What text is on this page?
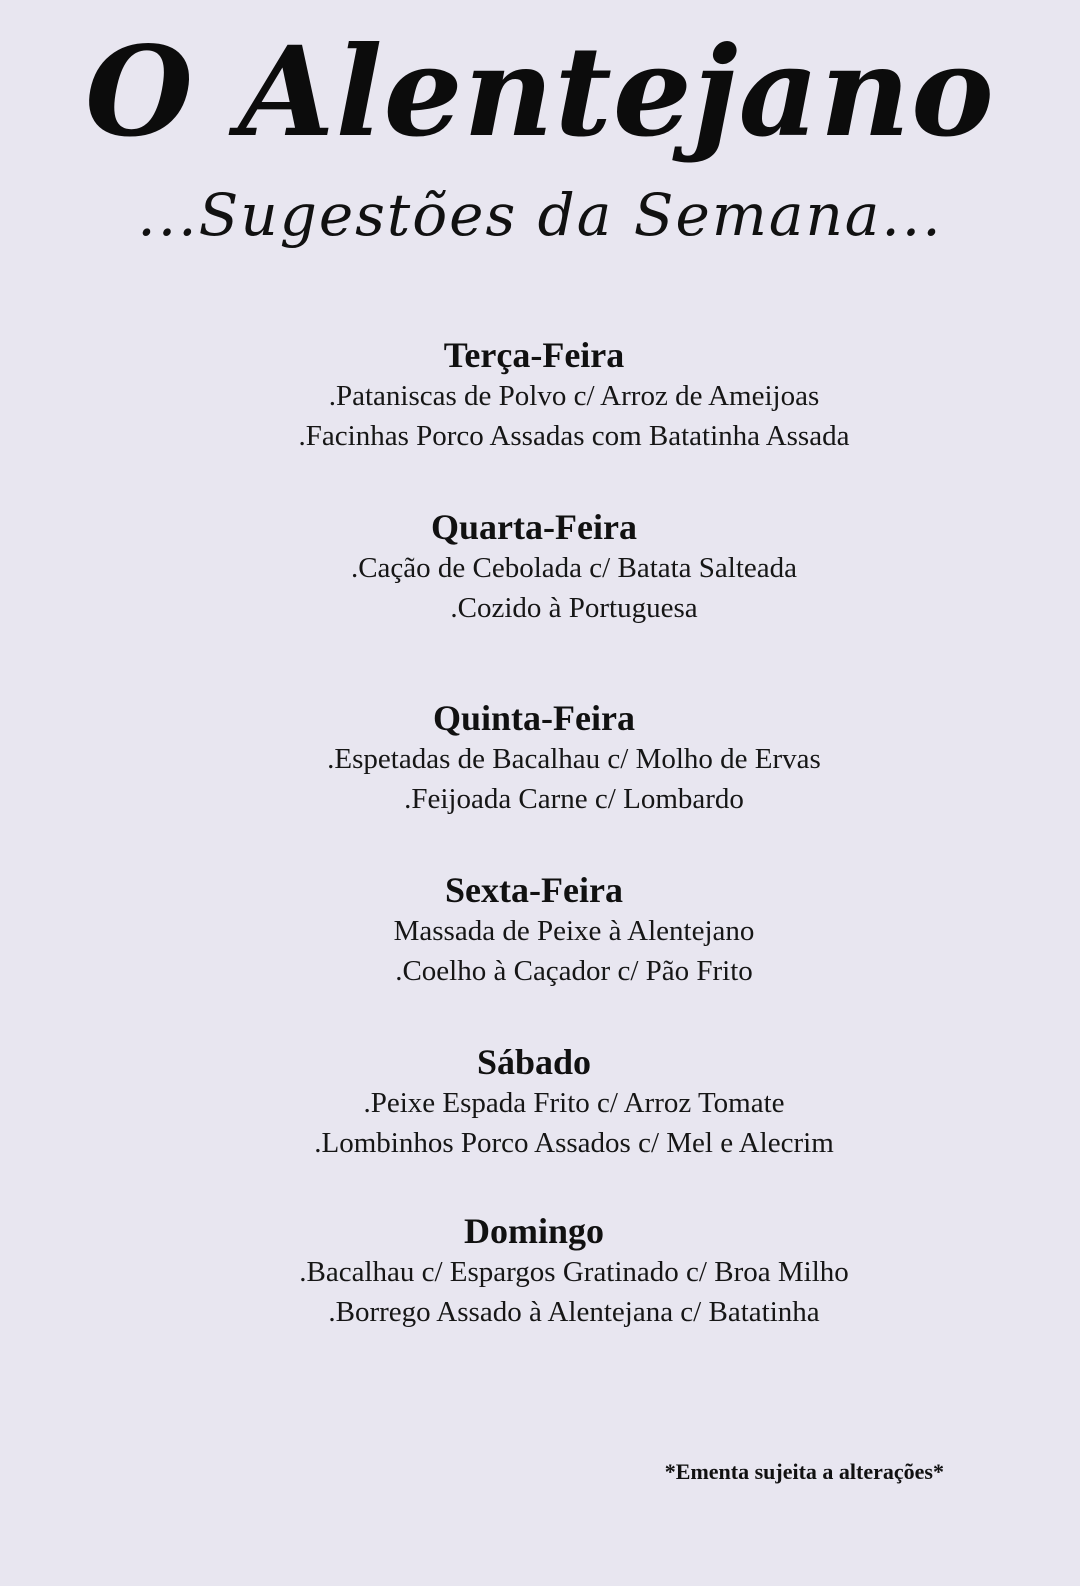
O Alentejano
...Sugestões da Semana...
Terça-Feira
.Pataniscas de Polvo c/ Arroz de Ameijoas
.Facinhas Porco Assadas com Batatinha Assada
Quarta-Feira
.Cação de Cebolada c/ Batata Salteada
.Cozido à Portuguesa
Quinta-Feira
.Espetadas de Bacalhau c/ Molho de Ervas
.Feijoada Carne c/ Lombardo
Sexta-Feira
Massada de Peixe à Alentejano
.Coelho à Caçador c/ Pão Frito
Sábado
.Peixe Espada Frito c/ Arroz Tomate
.Lombinhos Porco Assados c/ Mel e Alecrim
Domingo
.Bacalhau c/ Espargos Gratinado c/ Broa Milho
.Borrego Assado à Alentejana c/ Batatinha
*Ementa sujeita a alterações*
